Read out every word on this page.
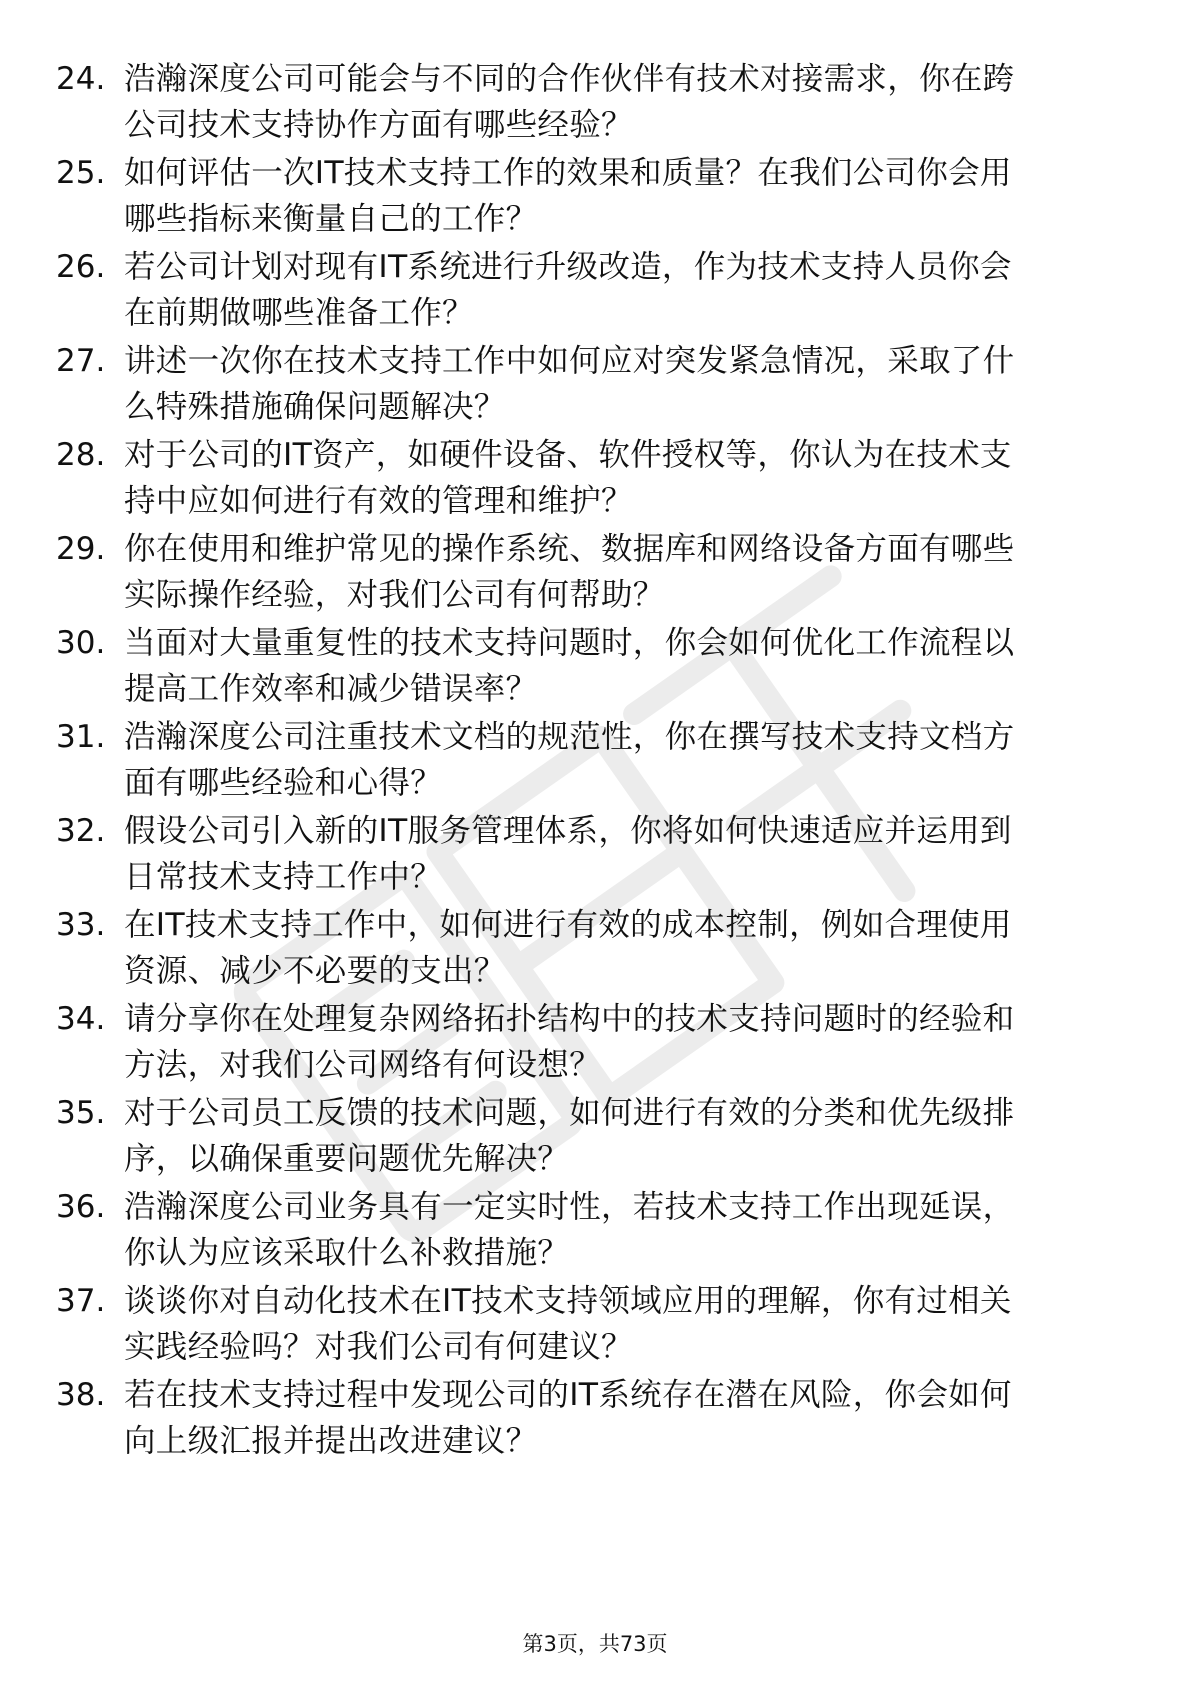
24. 浩瀚深度公司可能会与不同的合作伙伴有技术对接需求，你在跨
公司技术支持协作方面有哪些经验？
25. 如何评估一次IT技术支持工作的效果和质量？在我们公司你会用
哪些指标来衡量自己的工作？
26. 若公司计划对现有IT系统进行升级改造，作为技术支持人员你会
在前期做哪些准备工作？
27. 讲述一次你在技术支持工作中如何应对突发紧急情况，采取了什
么特殊措施确保问题解决？
28. 对于公司的IT资产，如硬件设备、软件授权等，你认为在技术支
持中应如何进行有效的管理和维护？
29. 你在使用和维护常见的操作系统、数据库和网络设备方面有哪些
实际操作经验，对我们公司有何帮助？
30. 当面对大量重复性的技术支持问题时，你会如何优化工作流程以
提高工作效率和减少错误率？
31. 浩瀚深度公司注重技术文档的规范性，你在撰写技术支持文档方
面有哪些经验和心得？
32. 假设公司引入新的IT服务管理体系，你将如何快速适应并运用到
日常技术支持工作中？
33. 在IT技术支持工作中，如何进行有效的成本控制，例如合理使用
资源、减少不必要的支出？
34. 请分享你在处理复杂网络拓扑结构中的技术支持问题时的经验和
方法，对我们公司网络有何设想？
35. 对于公司员工反馈的技术问题，如何进行有效的分类和优先级排
序，以确保重要问题优先解决？
36. 浩瀚深度公司业务具有一定实时性，若技术支持工作出现延误，
你认为应该采取什么补救措施？
37. 谈谈你对自动化技术在IT技术支持领域应用的理解，你有过相关
实践经验吗？对我们公司有何建议？
38. 若在技术支持过程中发现公司的IT系统存在潜在风险，你会如何
向上级汇报并提出改进建议？
第3页，共73页
